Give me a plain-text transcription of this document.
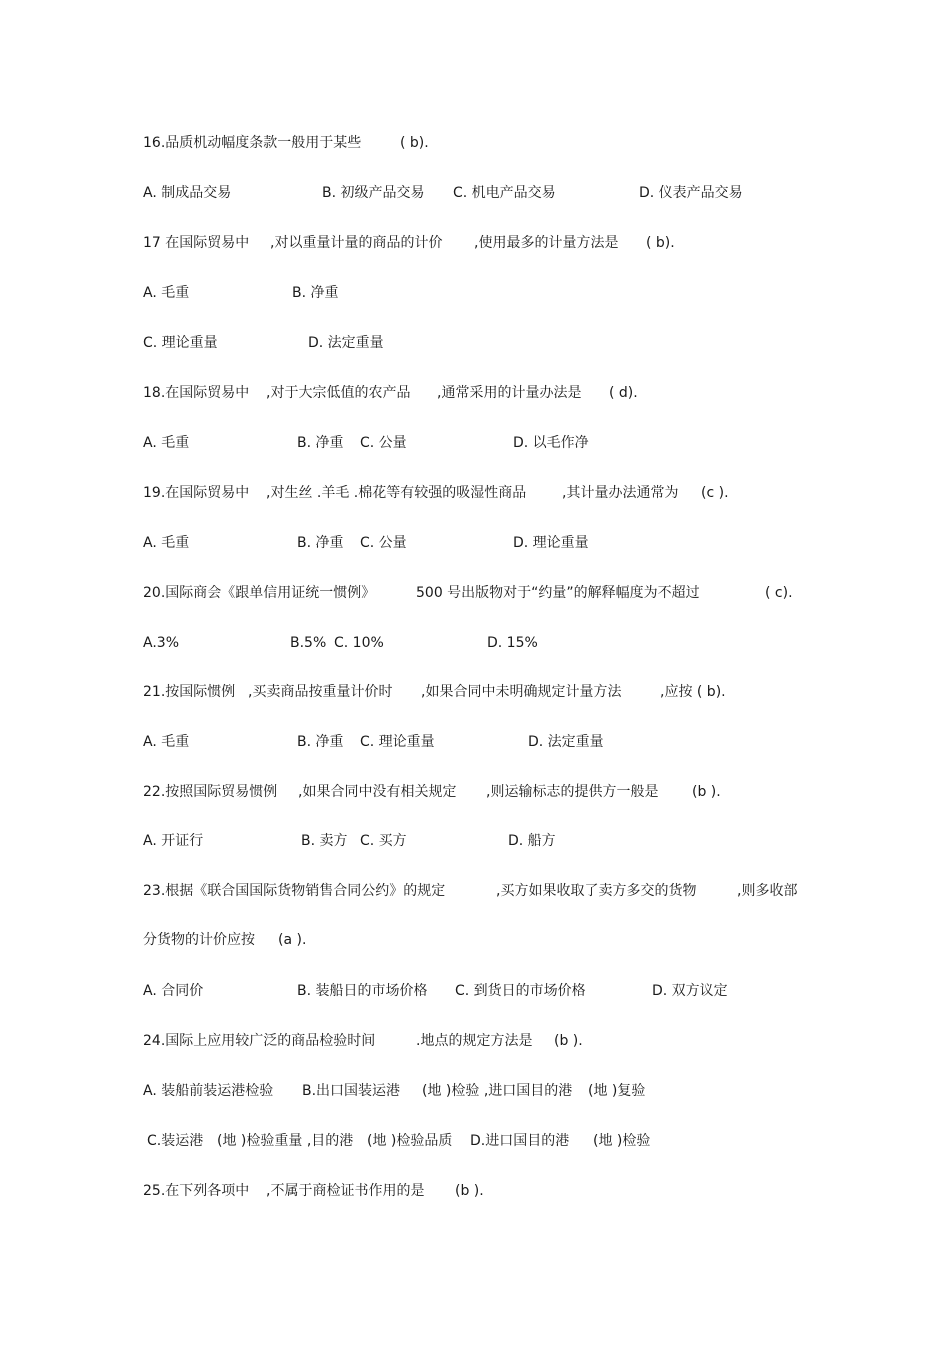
16.品质机动幅度条款一般用于某些	( b).
A. 制成品交易	B. 初级产品交易 C. 机电产品交易	D. 仪表产品交易
17 在国际贸易中 ,对以重量计量的商品的计价 ,使用最多的计量方法是 ( b).
A. 毛重	B. 净重
C. 理论重量	D. 法定重量
18.在国际贸易中 ,对于大宗低值的农产品 ,通常采用的计量办法是 ( d).
A. 毛重	B. 净重 C. 公量	D. 以毛作净
19.在国际贸易中 ,对生丝 .羊毛 .棉花等有较强的吸湿性商品	,其计量办法通常为 (c ).
A. 毛重	B. 净重 C. 公量	D. 理论重量
20.国际商会《跟单信用证统一惯例》	500 号出版物对于“约量”的解释幅度为不超过	( c).
A.3%	B.5% C. 10%	D. 15%
21.按国际惯例 ,买卖商品按重量计价时 ,如果合同中未明确规定计量方法	,应按 ( b).
A. 毛重	B. 净重 C. 理论重量	D. 法定重量
22.按照国际贸易惯例 ,如果合同中没有相关规定 ,则运输标志的提供方一般是 (b ).
A. 开证行	B. 卖方 C. 买方	D. 船方
23.根据《联合国国际货物销售合同公约》的规定	,买方如果收取了卖方多交的货物	,则多收部
分货物的计价应按 (a ).
A. 合同价	B. 装船日的市场价格 C. 到货日的市场价格	D. 双方议定
24.国际上应用较广泛的商品检验时间	.地点的规定方法是 (b ).
A. 装船前装运港检验 B.出口国装运港 (地 )检验 ,进口国目的港 (地 )复验
C.装运港 (地 )检验重量 ,目的港 (地 )检验品质 D.进口国目的港 (地 )检验
25.在下列各项中 ,不属于商检证书作用的是 (b ).
